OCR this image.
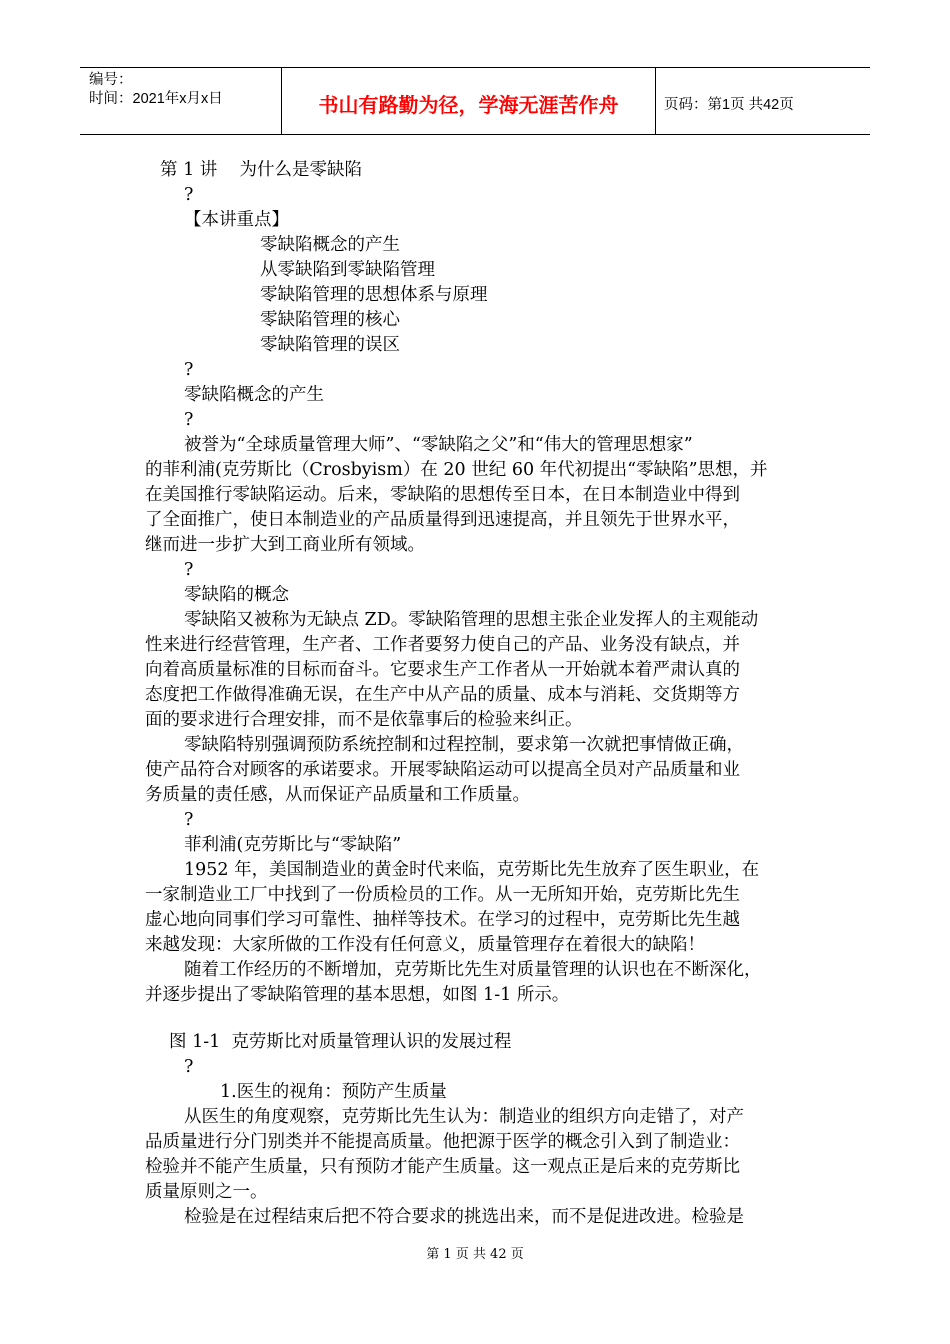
编号：
时间：2021年x月x日	书山有路勤为径，学海无涯苦作舟	页码：第1页 共42页
第 1 讲    为什么是零缺陷
?
【本讲重点】
零缺陷概念的产生
从零缺陷到零缺陷管理
零缺陷管理的思想体系与原理
零缺陷管理的核心
零缺陷管理的误区
?
零缺陷概念的产生
?
被誉为“全球质量管理大师”、“零缺陷之父”和“伟大的管理思想家”
的菲利浦(克劳斯比（Crosbyism）在 20 世纪 60 年代初提出“零缺陷”思想，并
在美国推行零缺陷运动。后来，零缺陷的思想传至日本，在日本制造业中得到
了全面推广，使日本制造业的产品质量得到迅速提高，并且领先于世界水平，
继而进一步扩大到工商业所有领域。
?
零缺陷的概念
零缺陷又被称为无缺点 ZD。零缺陷管理的思想主张企业发挥人的主观能动
性来进行经营管理，生产者、工作者要努力使自己的产品、业务没有缺点，并
向着高质量标准的目标而奋斗。它要求生产工作者从一开始就本着严肃认真的
态度把工作做得准确无误，在生产中从产品的质量、成本与消耗、交货期等方
面的要求进行合理安排，而不是依靠事后的检验来纠正。
零缺陷特别强调预防系统控制和过程控制，要求第一次就把事情做正确，
使产品符合对顾客的承诺要求。开展零缺陷运动可以提高全员对产品质量和业
务质量的责任感，从而保证产品质量和工作质量。
?
菲利浦(克劳斯比与“零缺陷”
1952 年，美国制造业的黄金时代来临，克劳斯比先生放弃了医生职业，在
一家制造业工厂中找到了一份质检员的工作。从一无所知开始，克劳斯比先生
虚心地向同事们学习可靠性、抽样等技术。在学习的过程中，克劳斯比先生越
来越发现：大家所做的工作没有任何意义，质量管理存在着很大的缺陷！
随着工作经历的不断增加，克劳斯比先生对质量管理的认识也在不断深化，
并逐步提出了零缺陷管理的基本思想，如图 1-1 所示。
图 1-1  克劳斯比对质量管理认识的发展过程
?
1.医生的视角：预防产生质量
从医生的角度观察，克劳斯比先生认为：制造业的组织方向走错了，对产
品质量进行分门别类并不能提高质量。他把源于医学的概念引入到了制造业：
检验并不能产生质量，只有预防才能产生质量。这一观点正是后来的克劳斯比
质量原则之一。
检验是在过程结束后把不符合要求的挑选出来，而不是促进改进。检验是
第 1 页 共 42 页
